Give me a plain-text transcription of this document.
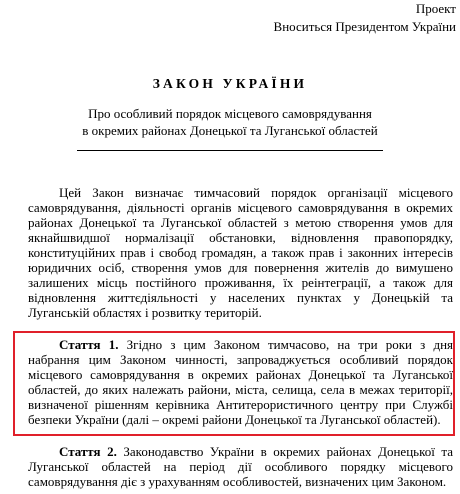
Проект
Вноситься Президентом України
ЗАКОН УКРАЇНИ
Про особливий порядок місцевого самоврядування
в окремих районах Донецької та Луганської областей
Цей Закон визначає тимчасовий порядок організації місцевого самоврядування, діяльності органів місцевого самоврядування в окремих районах Донецької та Луганської областей з метою створення умов для якнайшвидшої нормалізації обстановки, відновлення правопорядку, конституційних прав і свобод громадян, а також прав і законних інтересів юридичних осіб, створення умов для повернення жителів до вимушено залишених місць постійного проживання, їх реінтеграції, а також для відновлення життєдіяльності у населених пунктах у Донецькій та Луганській областях і розвитку територій.
Стаття 1. Згідно з цим Законом тимчасово, на три роки з дня набрання цим Законом чинності, запроваджується особливий порядок місцевого самоврядування в окремих районах Донецької та Луганської областей, до яких належать райони, міста, селища, села в межах території, визначеної рішенням керівника Антитерористичного центру при Службі безпеки України (далі – окремі райони Донецької та Луганської областей).
Стаття 2. Законодавство України в окремих районах Донецької та Луганської областей на період дії особливого порядку місцевого самоврядування діє з урахуванням особливостей, визначених цим Законом.
